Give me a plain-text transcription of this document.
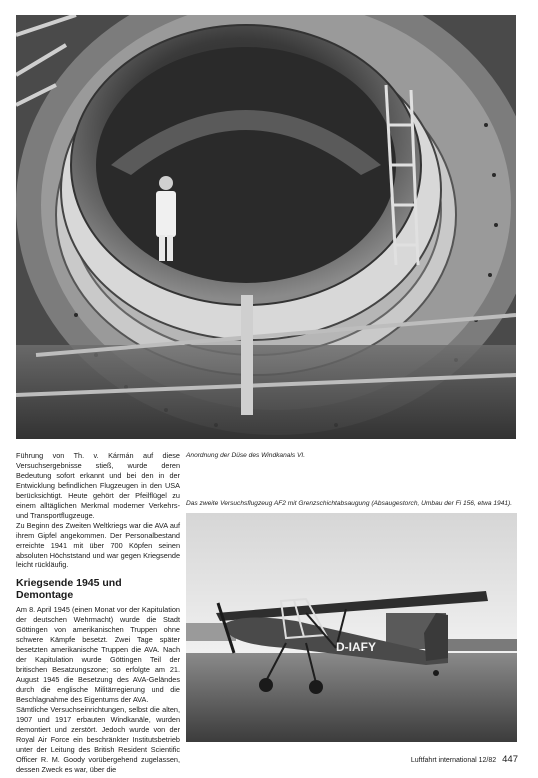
Anordnung der Düse des Windkanals VI.
Das zweite Versuchsflugzeug AF2 mit Grenzschichtabsaugung (Absaugestorch, Umbau der Fi 156, etwa 1941).

Führung von Th. v. Kármán auf diese Versuchsergebnisse stieß, wurde deren Bedeutung sofort erkannt und bei den in der Entwicklung befindlichen Flugzeugen in den USA berücksichtigt. Heute gehört der Pfeilflügel zu einem alltäglichen Merkmal moderner Verkehrs- und Transportflugzeuge.

Zu Beginn des Zweiten Weltkriegs war die AVA auf ihrem Gipfel angekommen. Der Personalbestand erreichte 1941 mit über 700 Köpfen seinen absoluten Höchststand und war gegen Kriegsende leicht rückläufig.

Kriegsende 1945 und Demontage

Am 8. April 1945 (einen Monat vor der Kapitulation der deutschen Wehrmacht) wurde die Stadt Göttingen von amerikanischen Truppen ohne schwere Kämpfe besetzt. Zwei Tage später besetzten amerikanische Truppen die AVA. Nach der Kapitulation wurde Göttingen Teil der britischen Besatzungszone; so erfolgte am 21. August 1945 die Besetzung des AVA-Geländes durch die englische Militärregierung und die Beschlagnahme des Eigentums der AVA.

Sämtliche Versuchseinrichtungen, selbst die alten, 1907 und 1917 erbauten Windkanäle, wurden demontiert und zerstört. Jedoch wurde von der Royal Air Force ein beschränkter Institutsbetrieb unter der Leitung des British Resident Scientific Officer R. M. Goody vorübergehend zugelassen, dessen Zweck es war, über die

D-IAFY
Luftfahrt international 12/82 447
